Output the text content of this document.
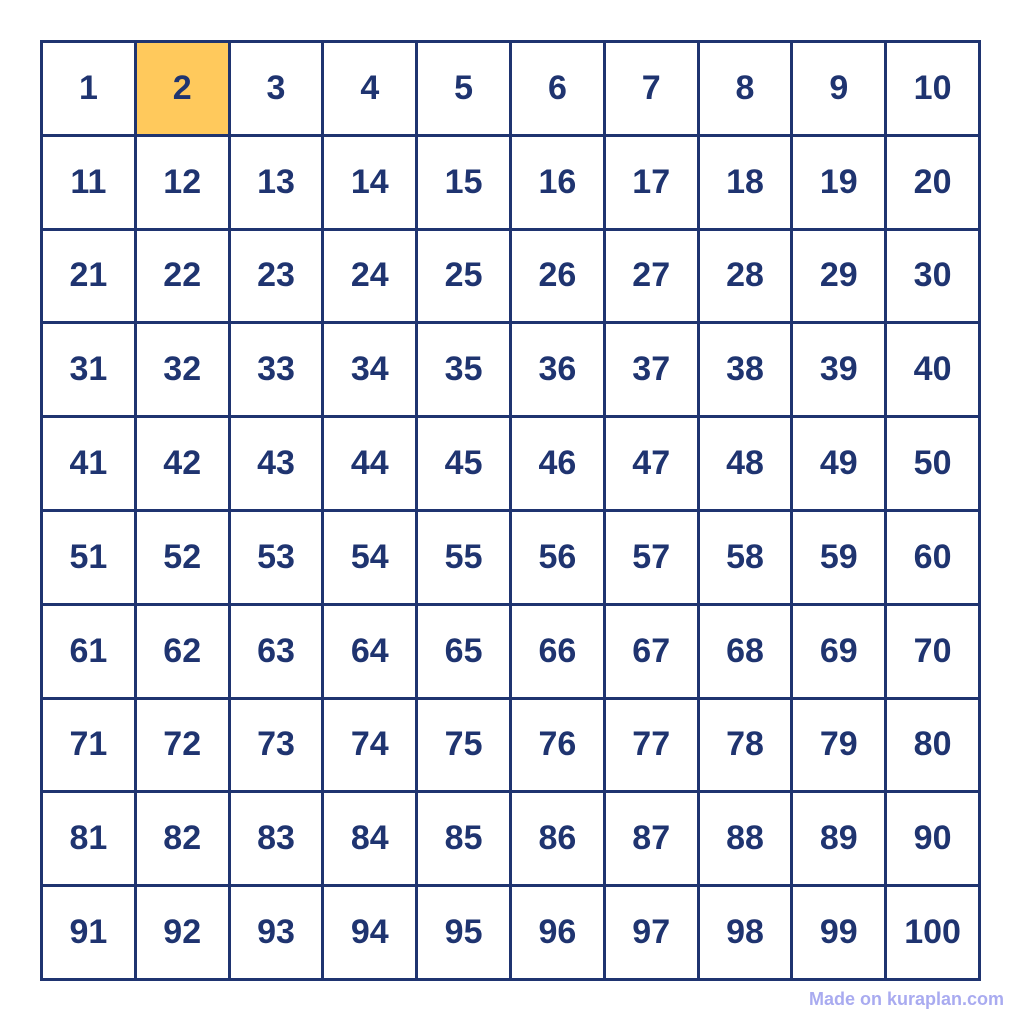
1	2	3	4	5	6	7	8	9	10
11	12	13	14	15	16	17	18	19	20
21	22	23	24	25	26	27	28	29	30
31	32	33	34	35	36	37	38	39	40
41	42	43	44	45	46	47	48	49	50
51	52	53	54	55	56	57	58	59	60
61	62	63	64	65	66	67	68	69	70
71	72	73	74	75	76	77	78	79	80
81	82	83	84	85	86	87	88	89	90
91	92	93	94	95	96	97	98	99	100
Made on kuraplan.com
